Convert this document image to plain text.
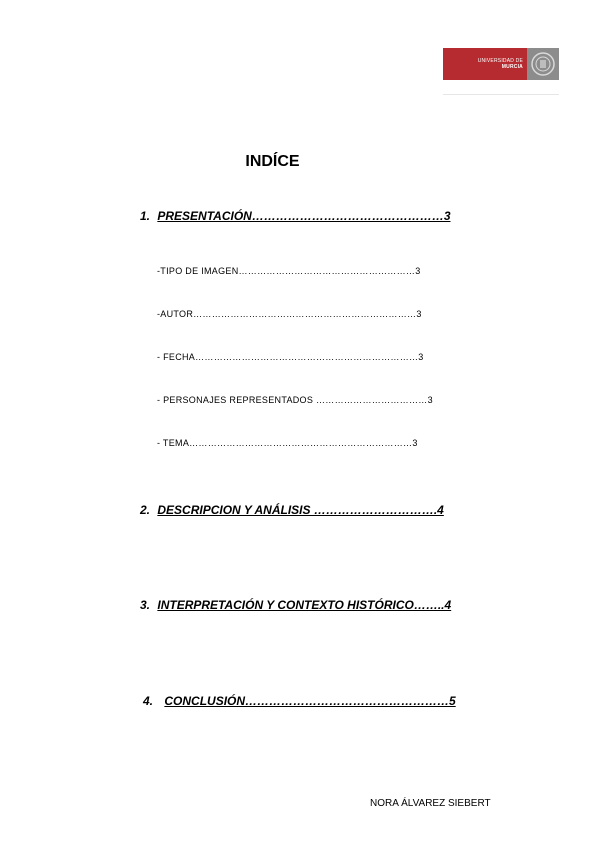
UNIVERSIDAD DE
MURCIA
INDÍCE
1. PRESENTACIÓN…………………………………………3
-TIPO DE IMAGEN…………………………………………………3
-AUTOR………………………………………………………………3
- FECHA………………………………………………………………3
- PERSONAJES REPRESENTADOS ………………………………3
- TEMA………………………………………………………………3
2. DESCRIPCION Y ANÁLISIS ………………………….4
3. INTERPRETACIÓN Y CONTEXTO HISTÓRICO……..4
4. CONCLUSIÓN……………………………………………5
NORA ÁLVAREZ SIEBERT
